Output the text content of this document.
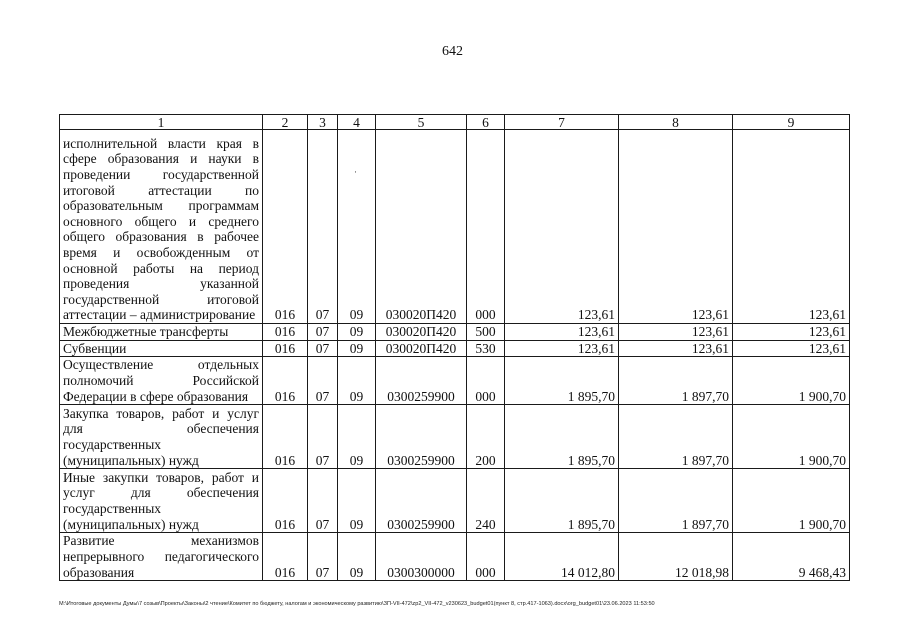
642
·
1	2	3	4	5	6	7	8	9
исполнительной власти края в сфере образования и науки в проведении государственной итоговой аттестации по образовательным программам основного общего и среднего общего образования в рабочее время и освобожденным от основной работы на период проведения указанной государственной итоговой аттестации – администрирование	016	07	09	030020П420	000	123,61	123,61	123,61
Межбюджетные трансферты	016	07	09	030020П420	500	123,61	123,61	123,61
Субвенции	016	07	09	030020П420	530	123,61	123,61	123,61
Осуществление отдельных полномочий Российской Федерации в сфере образования	016	07	09	0300259900	000	1 895,70	1 897,70	1 900,70
Закупка товаров, работ и услуг для обеспечения государственных (муниципальных) нужд	016	07	09	0300259900	200	1 895,70	1 897,70	1 900,70
Иные закупки товаров, работ и услуг для обеспечения государственных (муниципальных) нужд	016	07	09	0300259900	240	1 895,70	1 897,70	1 900,70
Развитие механизмов непрерывного педагогического образования	016	07	09	0300300000	000	14 012,80	12 018,98	9 468,43
М:\Итоговые документы Думы\7 созыв\Проекты\Законы\2 чтение\Комитет по бюджету, налогам и экономическому развитию\ЗП-VII-472\zp2_VII-472_v230623_budget01(пункт 8, стр.417-1063).docx\org_budget01\23.06.2023 11:53:50
